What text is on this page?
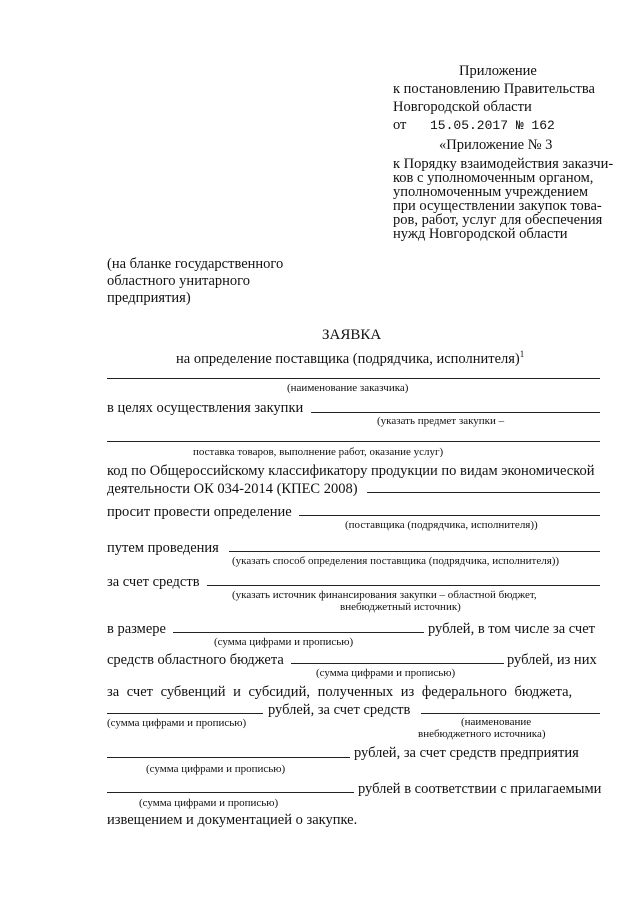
Приложение
к постановлению Правительства
Новгородской области
от 15.05.2017 № 162
«Приложение № 3
к Порядку взаимодействия заказчи-
ков с уполномоченным органом,
уполномоченным учреждением
при осуществлении закупок това-
ров, работ, услуг для обеспечения
нужд Новгородской области
(на бланке государственного
областного унитарного
предприятия)
ЗАЯВКА
на определение поставщика (подрядчика, исполнителя)$^1$
(наименование заказчика)
в целях осуществления закупки
(указать предмет закупки –
поставка товаров, выполнение работ, оказание услуг)
код по Общероссийскому классификатору продукции по видам экономической
деятельности ОК 034-2014 (КПЕС 2008)
просит провести определение
(поставщика (подрядчика, исполнителя))
путем проведения
(указать способ определения поставщика (подрядчика, исполнителя))
за счет средств
(указать источник финансирования закупки – областной бюджет,
внебюджетный источник)
в размере	рублей, в том числе за счет
(сумма цифрами и прописью)
средств областного бюджета	рублей, из них
(сумма цифрами и прописью)
за счет субвенций и субсидий, полученных из федерального бюджета,
рублей, за счет средств
(сумма цифрами и прописью)	(наименование
внебюджетного источника)
рублей, за счет средств предприятия
(сумма цифрами и прописью)
рублей в соответствии с прилагаемыми
(сумма цифрами и прописью)
извещением и документацией о закупке.
